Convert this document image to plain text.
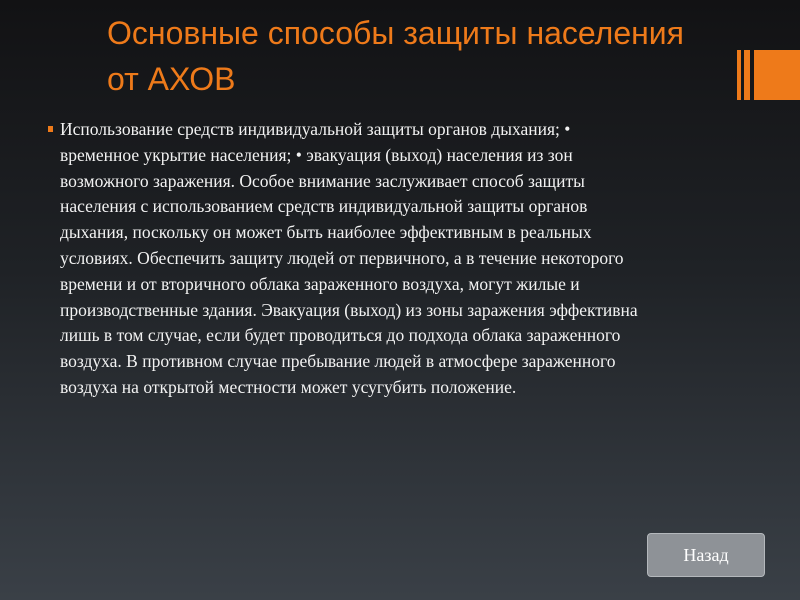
Основные способы защиты населения от АХОВ

Использование средств индивидуальной защиты органов дыхания; • временное укрытие населения; • эвакуация (выход) населения из зон возможного заражения. Особое внимание заслуживает способ защиты населения с использованием средств индивидуальной защиты органов дыхания, поскольку он может быть наиболее эффективным в реальных условиях. Обеспечить защиту людей от первичного, а в течение некоторого времени и от вторичного облака зараженного воздуха, могут жилые и производственные здания. Эвакуация (выход) из зоны заражения эффективна лишь в том случае, если будет проводиться до подхода облака зараженного воздуха. В противном случае пребывание людей в атмосфере зараженного воздуха на открытой местности может усугубить положение.

Назад
